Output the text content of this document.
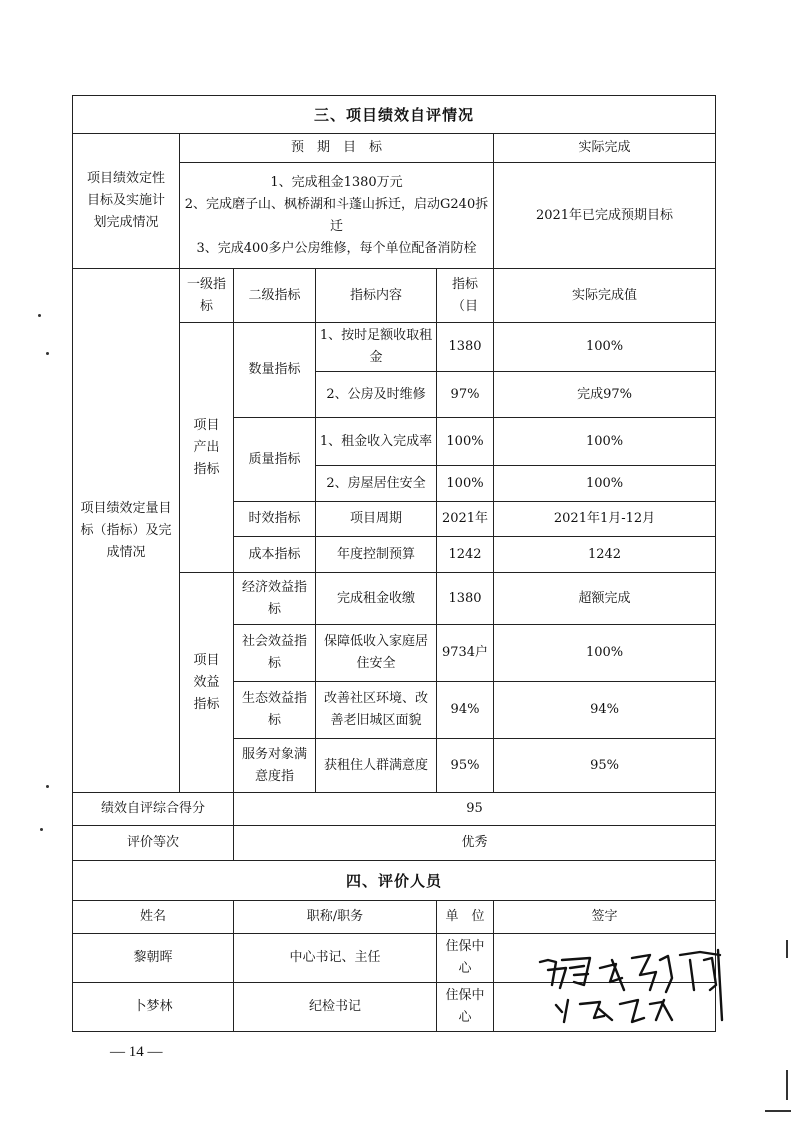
三、项目绩效自评情况					

项目绩效定性目标及实施计划完成情况	预　期　目　标				实际完成

	1、完成租金1380万元
2、完成磨子山、枫桥湖和斗蓬山拆迁，启动G240拆迁
3、完成400多户公房维修，每个单位配备消防栓				2021年已完成预期目标

项目绩效定量目标（指标）及完成情况	一级指标	二级指标	指标内容	指标（目	实际完成值

	项目产出指标	数量指标	1、按时足额收取租金	1380	100%
			2、公房及时维修	97%	完成97%
		质量指标	1、租金收入完成率	100%	100%
			2、房屋居住安全	100%	100%
		时效指标	项目周期	2021年	2021年1月-12月
		成本指标	年度控制预算	1242	1242

	项目效益指标	经济效益指标	完成租金收缴	1380	超额完成
		社会效益指标	保障低收入家庭居住安全	9734户	100%
		生态效益指标	改善社区环境、改善老旧城区面貌	94%	94%
		服务对象满意度指	获租住人群满意度	95%	95%
绩效自评综合得分		95			
评价等次		优秀			
四、评价人员					
姓名		职称/职务		单　位	签字
黎朝晖		中心书记、主任		住保中心	
卜梦林		纪检书记		住保中心	
— 14 —
